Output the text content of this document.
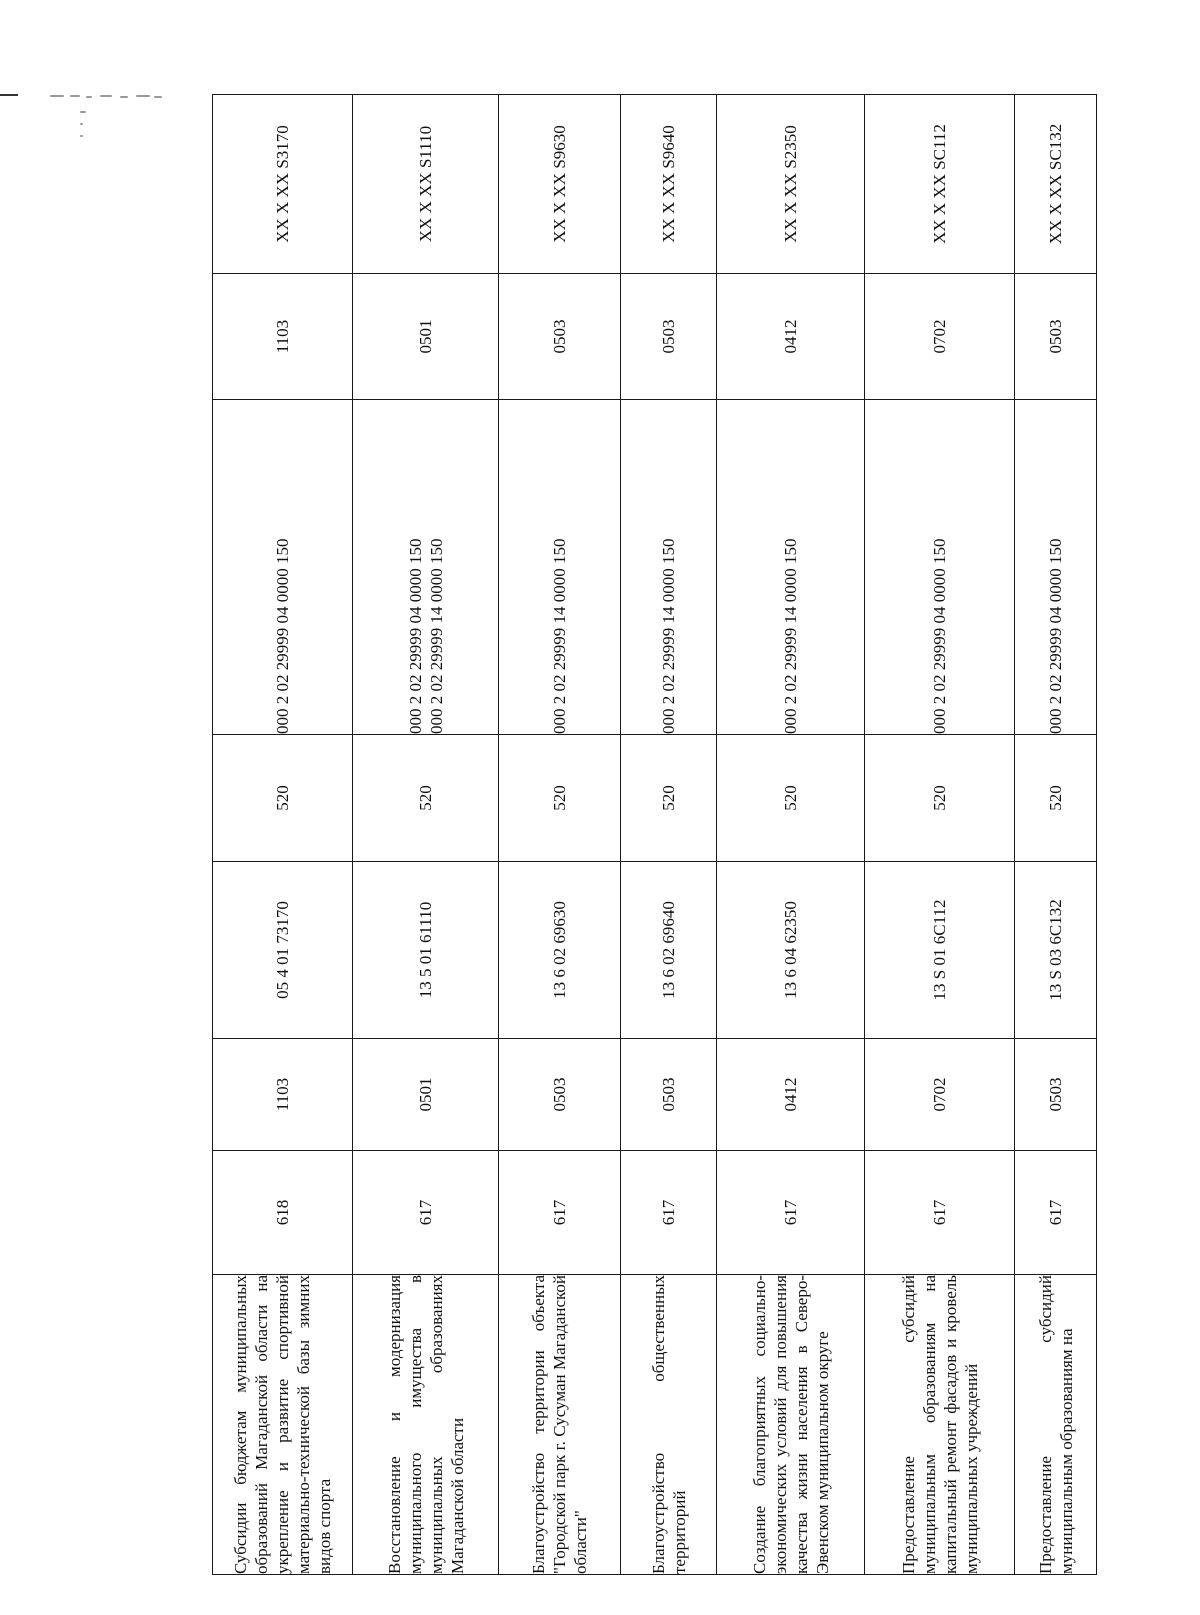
Субсидии бюджетам муниципальных образований Магаданской области на укрепление и развитие спортивной материально-технической базы зимних видов спорта	618	1103	05 4 01 73170	520	000 2 02 29999 04 0000 150	1103	XX X XX S3170
Восстановление и модернизация муниципального имущества в муниципальных образованиях Магаданской области	617	0501	13 5 01 61110	520	000 2 02 29999 04 0000 150 000 2 02 29999 14 0000 150	0501	XX X XX S1110
Благоустройство территории объекта "Городской парк г. Сусуман Магаданской области"	617	0503	13 6 02 69630	520	000 2 02 29999 14 0000 150	0503	XX X XX S9630
Благоустройство общественных территорий	617	0503	13 6 02 69640	520	000 2 02 29999 14 0000 150	0503	XX X XX S9640
Создание благоприятных социально-экономических условий для повышения качества жизни населения в Северо-Эвенском муниципальном округе	617	0412	13 6 04 62350	520	000 2 02 29999 14 0000 150	0412	XX X XX S2350
Предоставление субсидий муниципальным образованиям на капитальный ремонт фасадов и кровель муниципальных учреждений	617	0702	13 S 01 6C112	520	000 2 02 29999 04 0000 150	0702	XX X XX SC112
Предоставление субсидий муниципальным образованиям на	617	0503	13 S 03 6C132	520	000 2 02 29999 04 0000 150	0503	XX X XX SC132
